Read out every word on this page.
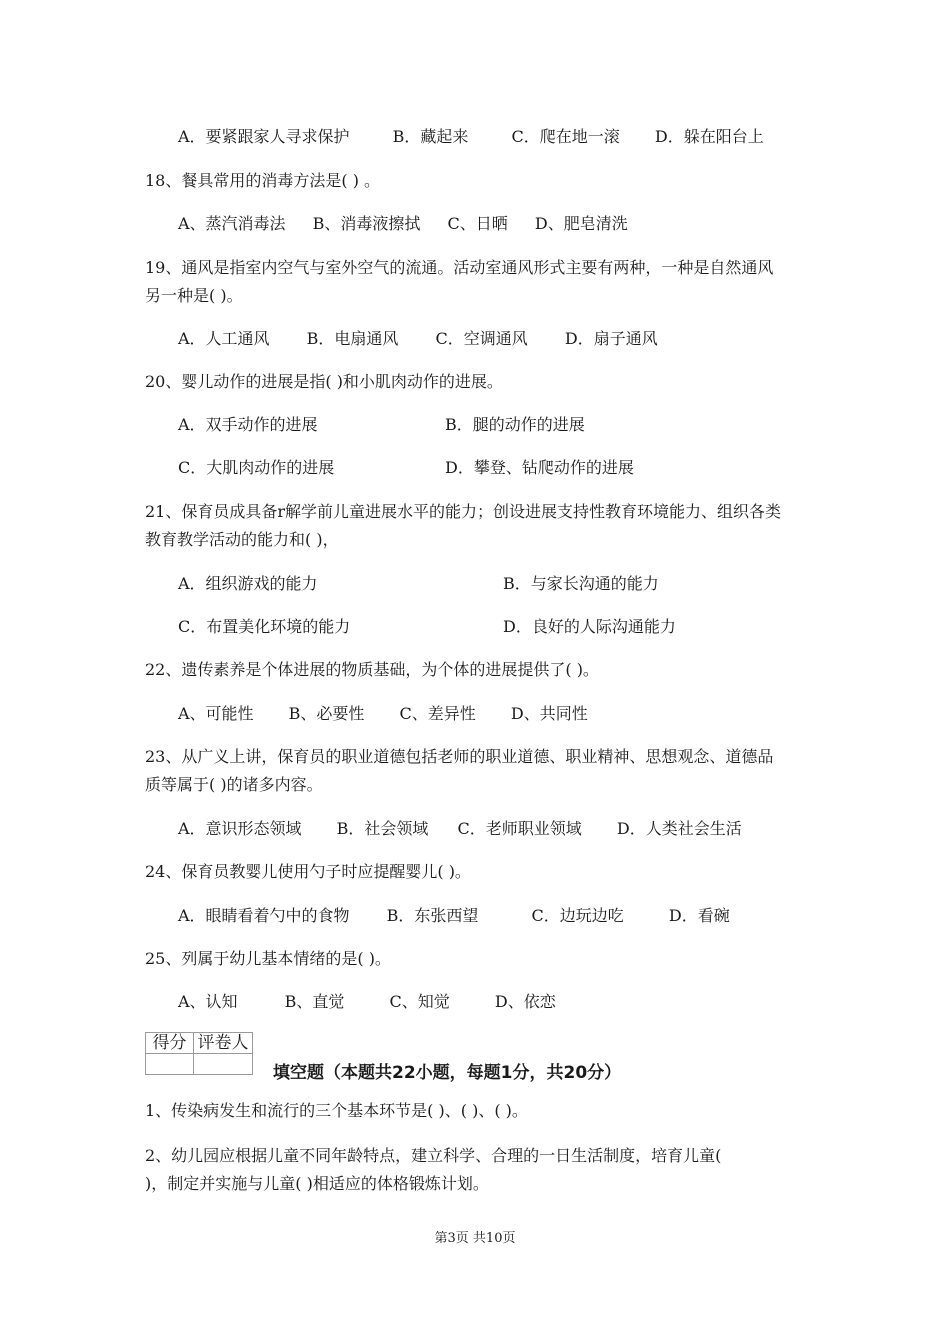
A．要紧跟家人寻求保护	B．藏起来	C．爬在地一滚 D．躲在阳台上
18、餐具常用的消毒方法是( ) 。
A、蒸汽消毒法 B、消毒液擦拭 C、日晒 D、肥皂清洗
19、通风是指室内空气与室外空气的流通。活动室通风形式主要有两种，一种是自然通风
另一种是( )。
A．人工通风 B．电扇通风 C．空调通风 D．扇子通风
20、婴儿动作的进展是指( )和小肌肉动作的进展。
A．双手动作的进展	B．腿的动作的进展
C．大肌肉动作的进展	D．攀登、钻爬动作的进展
21、保育员成具备r解学前儿童进展水平的能力；创设进展支持性教育环境能力、组织各类
教育教学活动的能力和( )，
A．组织游戏的能力	B．与家长沟通的能力
C．布置美化环境的能力	D．良好的人际沟通能力
22、遗传素养是个体进展的物质基础，为个体的进展提供了( )。
A、可能性 B、必要性 C、差异性 D、共同性
23、从广义上讲，保育员的职业道德包括老师的职业道德、职业精神、思想观念、道德品
质等属于( )的诸多内容。
A．意识形态领域 B．社会领域 C．老师职业领域 D．人类社会生活
24、保育员教婴儿使用勺子时应提醒婴儿( )。
A．眼睛看着勺中的食物 B．东张西望	C．边玩边吃	D．看碗
25、列属于幼儿基本情绪的是( )。
A、认知	B、直觉	C、知觉	D、依恋
得分	评卷人

填空题（本题共22小题，每题1分，共20分）
1、传染病发生和流行的三个基本环节是( )、( )、( )。
2、幼儿园应根据儿童不同年龄特点，建立科学、合理的一日生活制度，培育儿童(
)，制定并实施与儿童( )相适应的体格锻炼计划。
第3页 共10页
